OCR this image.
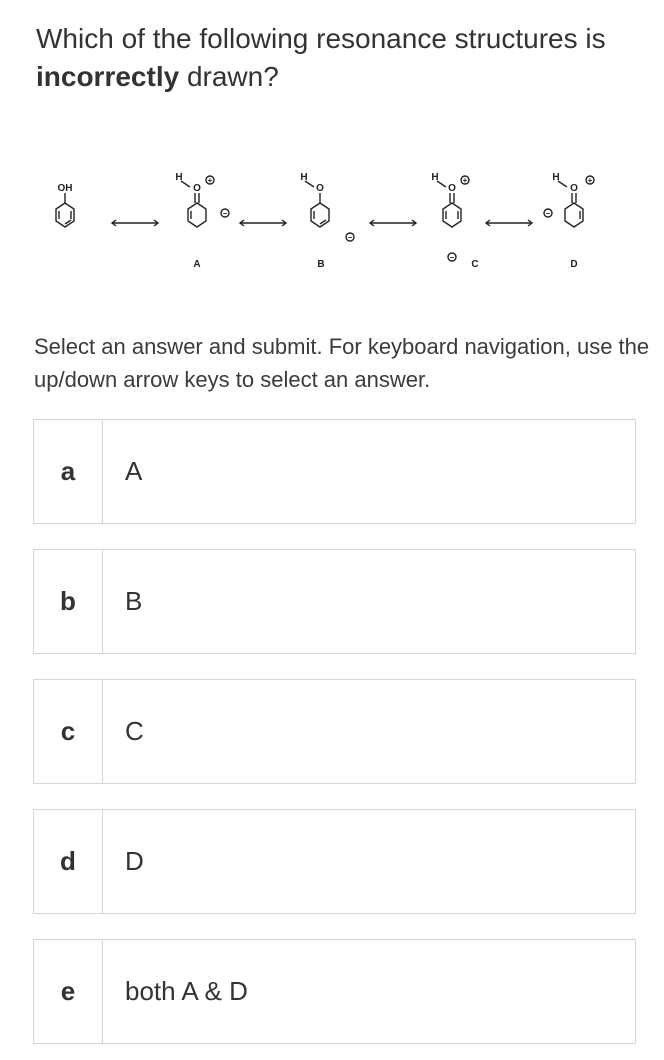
Which of the following resonance structures is incorrectly drawn?
OH
H
O
+
−
A
H
O
−
B
H
O
+
−
C
H
O
+
−
D
Select an answer and submit. For keyboard navigation, use the up/down arrow keys to select an answer.
a	A
b	B
c	C
d	D
e	both A & D
